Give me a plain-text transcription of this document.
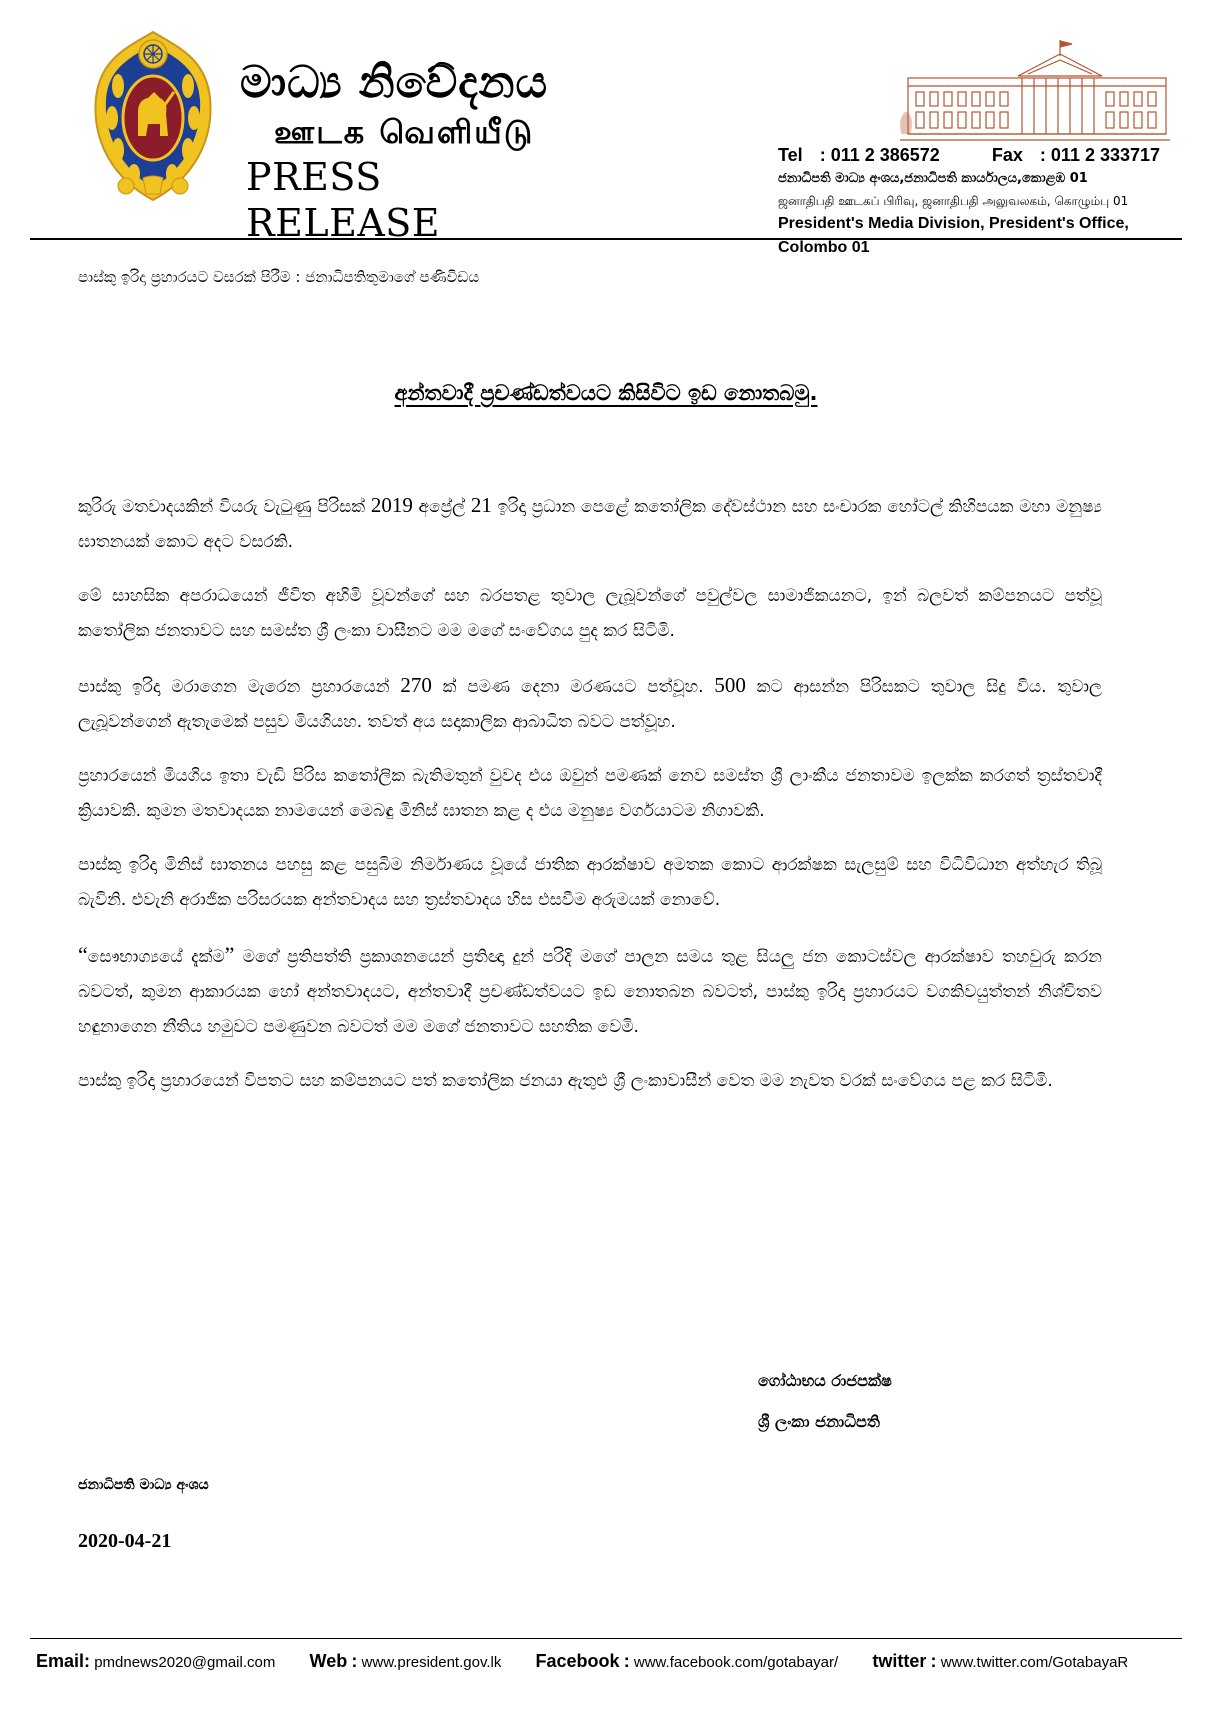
මාධ්‍ය නිවේදනය
ஊடக வெளியீடு
PRESS RELEASE
Tel : 011 2 386572	Fax : 011 2 333717
ජනාධිපති මාධ්‍ය අංශය,ජනාධිපති කාර්යාලය,කොළඹ 01
ஜனாதிபதி ஊடகப் பிரிவு, ஜனாதிபதி அலுவலகம், கொழும்பு 01
President's Media Division, President's Office, Colombo 01
පාස්කු ඉරිදා ප්‍රහාරයට වසරක් පිරීම : ජනාධිපතිතුමාගේ පණිවිඩය
අන්තවාදී ප්‍රචණ්ඩත්වයට කිසිවිට ඉඩ නොතබමු.

කුරිරු මතවාදයකින් වියරු වැටුණු පිරිසක් 2019 අප්‍රේල් 21 ඉරිදා ප්‍රධාන පෙළේ කතෝලික දේවස්ථාන සහ සංචාරක හෝටල් කිහිපයක මහා මනුෂ්‍ය ඝාතනයක් කොට අදට වසරකි.

මේ සාහසික අපරාධයෙන් ජීවිත අහිමි වූවන්ගේ සහ බරපතළ තුවාල ලැබූවන්ගේ පවුල්වල සාමාජිකයනට, ඉන් බලවත් කම්පනයට පත්වූ කතෝලික ජනතාවට සහ සමස්ත ශ්‍රී ලංකා වාසීනට මම මගේ සංවේගය පුද කර සිටිමි.

පාස්කු ඉරිදා මරාගෙන මැරෙන ප්‍රහාරයෙන් 270 ක් පමණ දෙනා මරණයට පත්වූහ. 500 කට ආසන්න පිරිසකට තුවාල සිදු විය. තුවාල ලැබූවන්ගෙන් ඇතැමෙක් පසුව මියගියහ. තවත් අය සදාකාලික ආබාධිත බවට පත්වූහ.

ප්‍රහාරයෙන් මියගිය ඉතා වැඩි පිරිස කතෝලික බැතිමතුන් වුවද එය ඔවුන් පමණක් නෙව සමස්ත ශ්‍රී ලාංකීය ජනතාවම ඉලක්ක කරගත් ත්‍රස්තවාදී ක්‍රියාවකි. කුමන මතවාදයක නාමයෙන් මෙබඳු මිනිස් ඝාතන කළ ද එය මනුෂ්‍ය වර්ගයාටම නිගාවකි.

පාස්කු ඉරිදා මිනිස් ඝාතනය පහසු කළ පසුබිම නිර්මාණය වූයේ ජාතික ආරක්ෂාව අමතක කොට ආරක්ෂක සැලසුම් සහ විධිවිධාන අත්හැර තිබූ බැවිනි. එවැනි අරාජික පරිසරයක අන්තවාදය සහ ත්‍රස්තවාදය හිස එසවීම අරුමයක් නොවේ.

“සෞභාග්‍යයේ දැක්ම” මගේ ප්‍රතිපත්ති ප්‍රකාශනයෙන් ප්‍රතිඥා දුන් පරිදි මගේ පාලන සමය තුළ සියලු ජන කොටස්වල ආරක්ෂාව තහවුරු කරන බවටත්, කුමන ආකාරයක හෝ අන්තවාදයට, අන්තවාදී ප්‍රචණ්ඩත්වයට ඉඩ නොතබන බවටත්, පාස්කු ඉරිදා ප්‍රහාරයට වගකිවයුත්තන් නිශ්චිතව හඳුනාගෙන නීතිය හමුවට පමණුවන බවටත් මම මගේ ජනතාවට සහතික වෙමි.

පාස්කු ඉරිදා ප්‍රහාරයෙන් විපතට සහ කම්පනයට පත් කතෝලික ජනයා ඇතුළු ශ්‍රී ලංකාවාසීන් වෙත මම නැවත වරක් සංවේගය පළ කර සිටිමි.

ගෝඨාභය රාජපක්ෂ
ශ්‍රී ලංකා ජනාධිපති
ජනාධිපති මාධ්‍ය අංශය
2020-04-21
Email: pmdnews2020@gmail.com Web : www.president.gov.lk Facebook : www.facebook.com/gotabayar/ twitter : www.twitter.com/GotabayaR
